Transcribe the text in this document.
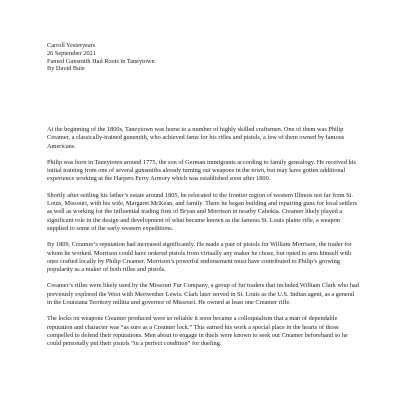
Carroll Yesteryears
26 September 2021
Famed Gunsmith Had Roots in Taneytown
By David Buie

At the beginning of the 1800s, Taneytown was home to a number of highly skilled craftsmen. One of them was Philip Creamer, a classically-trained gunsmith, who achieved fame for his rifles and pistols, a few of them owned by famous Americans.

Philip was born in Taneytown around 1775, the son of German immigrants according to family genealogy. He received his initial training from one of several gunsmiths already turning out weapons in the town, but may have gotten additional experience working at the Harpers Ferry Armory which was established soon after 1800.

Shortly after settling his father’s estate around 1805, he relocated to the frontier region of western Illinois not far from St. Louis, Missouri, with his wife, Margaret McKean, and family. There he began building and repairing guns for local settlers as well as working for the influential trading firm of Bryan and Morrison in nearby Cahokia. Creamer likely played a significant role in the design and development of what became known as the famous St. Louis plains rifle, a weapon supplied to some of the early western expeditions.

By 1809, Creamer’s reputation had increased significantly. He made a pair of pistols for William Morrison, the trader for whom he worked. Morrison could have ordered pistols from virtually any maker he chose, but opted to arm himself with ones crafted locally by Philip Creamer. Morrison’s powerful endorsement must have contributed to Philip’s growing popularity as a maker of both rifles and pistols.

Creamer’s rifles were likely used by the Missouri Fur Company, a group of fur traders that included William Clark who had previously explored the West with Meriwether Lewis. Clark later served in St. Louis as the U.S. Indian agent, as a general in the Louisiana Territory militia and governor of Missouri. He owned at least one Creamer rifle.

The locks on weapons Creamer produced were so reliable it soon became a colloquialism that a man of dependable reputation and character was “as sure as a Creamer lock.” This earned his work a special place in the hearts of those compelled to defend their reputations. Men about to engage in duels were known to seek out Creamer beforehand so he could personally put their pistols “in a perfect condition” for dueling.
